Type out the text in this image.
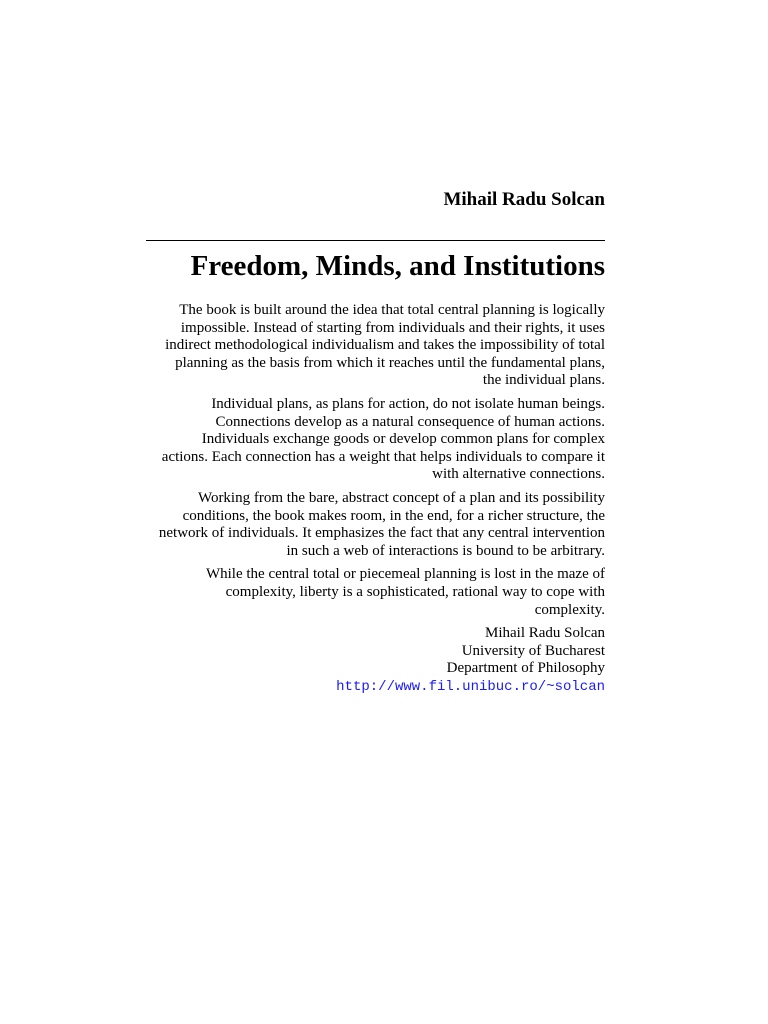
Mihail Radu Solcan
Freedom, Minds, and Institutions

The book is built around the idea that total central planning is logically
impossible. Instead of starting from individuals and their rights, it uses
indirect methodological individualism and takes the impossibility of total
planning as the basis from which it reaches until the fundamental plans,
the individual plans.

Individual plans, as plans for action, do not isolate human beings.
Connections develop as a natural consequence of human actions.
Individuals exchange goods or develop common plans for complex
actions. Each connection has a weight that helps individuals to compare it
with alternative connections.

Working from the bare, abstract concept of a plan and its possibility
conditions, the book makes room, in the end, for a richer structure, the
network of individuals. It emphasizes the fact that any central intervention
in such a web of interactions is bound to be arbitrary.

While the central total or piecemeal planning is lost in the maze of
complexity, liberty is a sophisticated, rational way to cope with
complexity.

Mihail Radu Solcan
University of Bucharest
Department of Philosophy
http://www.fil.unibuc.ro/~solcan
